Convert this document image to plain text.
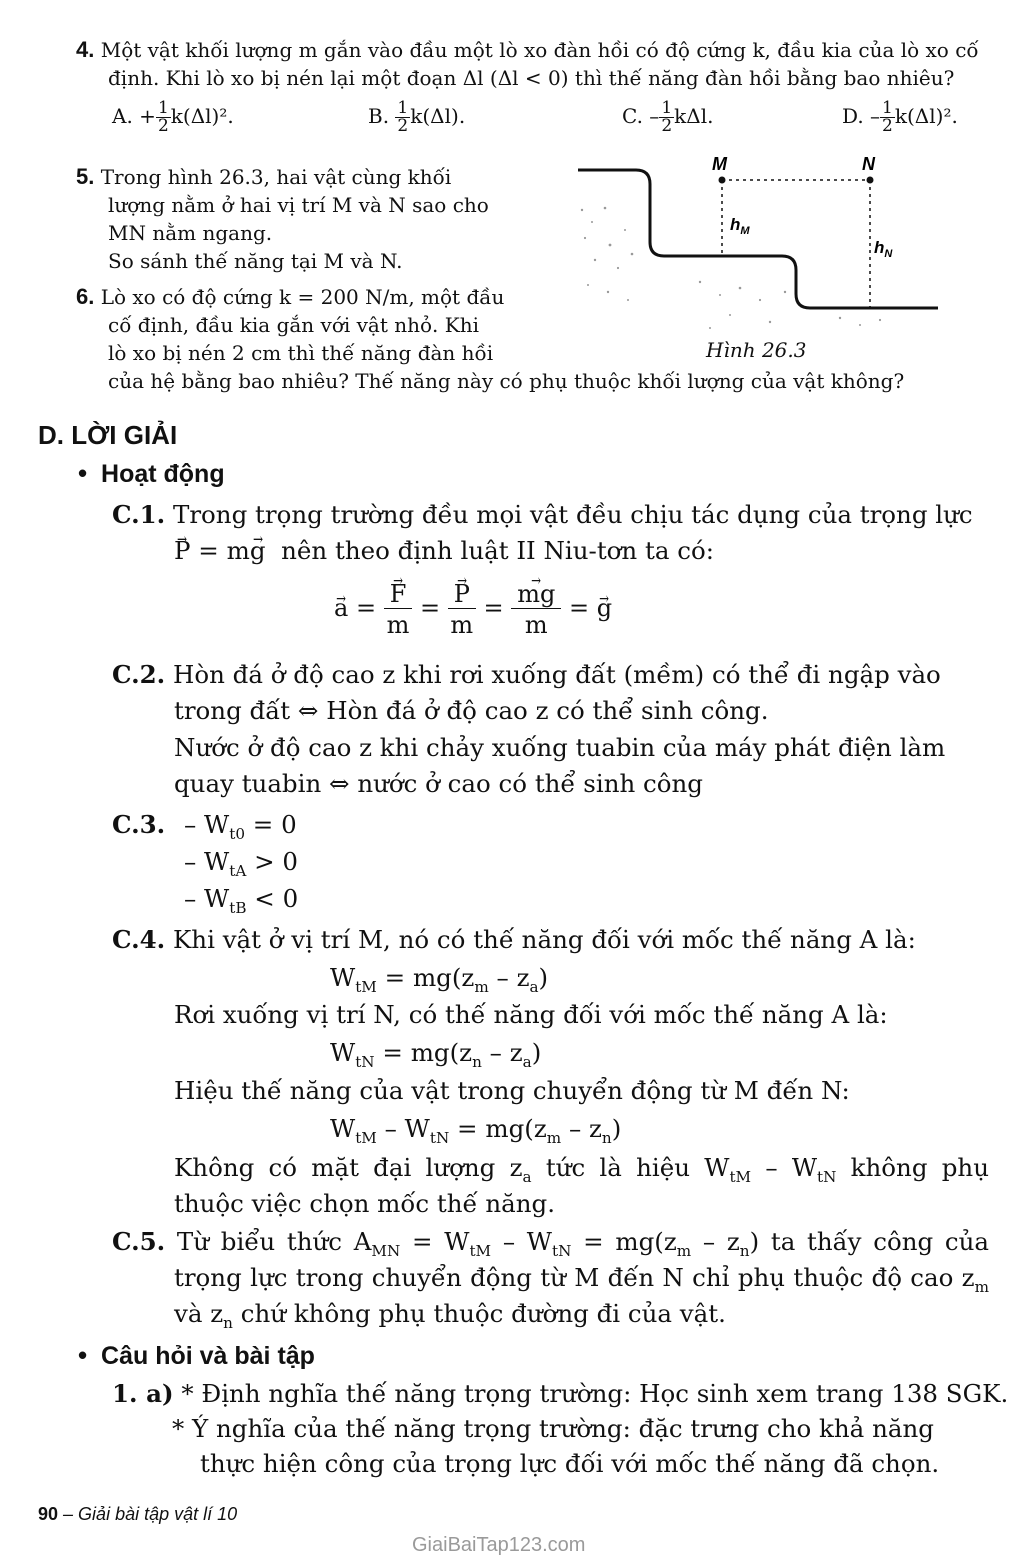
4. Một vật khối lượng m gắn vào đầu một lò xo đàn hồi có độ cứng k, đầu kia của lò xo cố
định. Khi lò xo bị nén lại một đoạn Δl (Δl < 0) thì thế năng đàn hồi bằng bao nhiêu?
A. + $\frac{1}{2} k(\Delta l)^2$.	B. $\frac{1}{2} k(\Delta l)$.	C. – $\frac{1}{2} k\Delta l$.	D. – $\frac{1}{2} k(\Delta l)^2$.
5. Trong hình 26.3, hai vật cùng khối
lượng nằm ở hai vị trí M và N sao cho
MN nằm ngang.
So sánh thế năng tại M và N.
6. Lò xo có độ cứng k = 200 N/m, một đầu
cố định, đầu kia gắn với vật nhỏ. Khi
lò xo bị nén 2 cm thì thế năng đàn hồi
của hệ bằng bao nhiêu? Thế năng này có phụ thuộc khối lượng của vật không?
M	N
$h_M$
$h_N$
Hình 26.3
D. LỜI GIẢI
• Hoạt động
C.1. Trong trọng trường đều mọi vật đều chịu tác dụng của trọng lực
→ P = m→ g nên theo định luật II Niu-tơn ta có:
→ a = → $\frac{F}{m}$ = → $\frac{P}{m}$ = → $\frac{mg}{m}$ = → g
C.2. Hòn đá ở độ cao z khi rơi xuống đất (mềm) có thể đi ngập vào
trong đất ⇔ Hòn đá ở độ cao z có thể sinh công.
Nước ở độ cao z khi chảy xuống tuabin của máy phát điện làm
quay tuabin ⇔ nước ở cao có thể sinh công
C.3. – $W_{t0} = 0$
– $W_{tA} > 0$
– $W_{tB} < 0$
C.4. Khi vật ở vị trí M, nó có thế năng đối với mốc thế năng A là:
$W_{tM} = mg(z_m - z_a)$
Rơi xuống vị trí N, có thế năng đối với mốc thế năng A là:
$W_{tN} = mg(z_n - z_a)$
Hiệu thế năng của vật trong chuyển động từ M đến N:
$W_{tM} - W_{tN} = mg(z_m - z_n)$
Không có mặt đại lượng $z_a$ tức là hiệu $W_{tM} - W_{tN}$ không phụ
thuộc việc chọn mốc thế năng.
C.5. Từ biểu thức $A_{MN} = W_{tM} - W_{tN} = mg(z_m - z_n)$ ta thấy công của
trọng lực trong chuyển động từ M đến N chỉ phụ thuộc độ cao $z_m$
và $z_n$ chứ không phụ thuộc đường đi của vật.
• Câu hỏi và bài tập
1. a) * Định nghĩa thế năng trọng trường: Học sinh xem trang 138 SGK.
* Ý nghĩa của thế năng trọng trường: đặc trưng cho khả năng
thực hiện công của trọng lực đối với mốc thế năng đã chọn.
90 – Giải bài tập vật lí 10
GiaiBaiTap123.com
